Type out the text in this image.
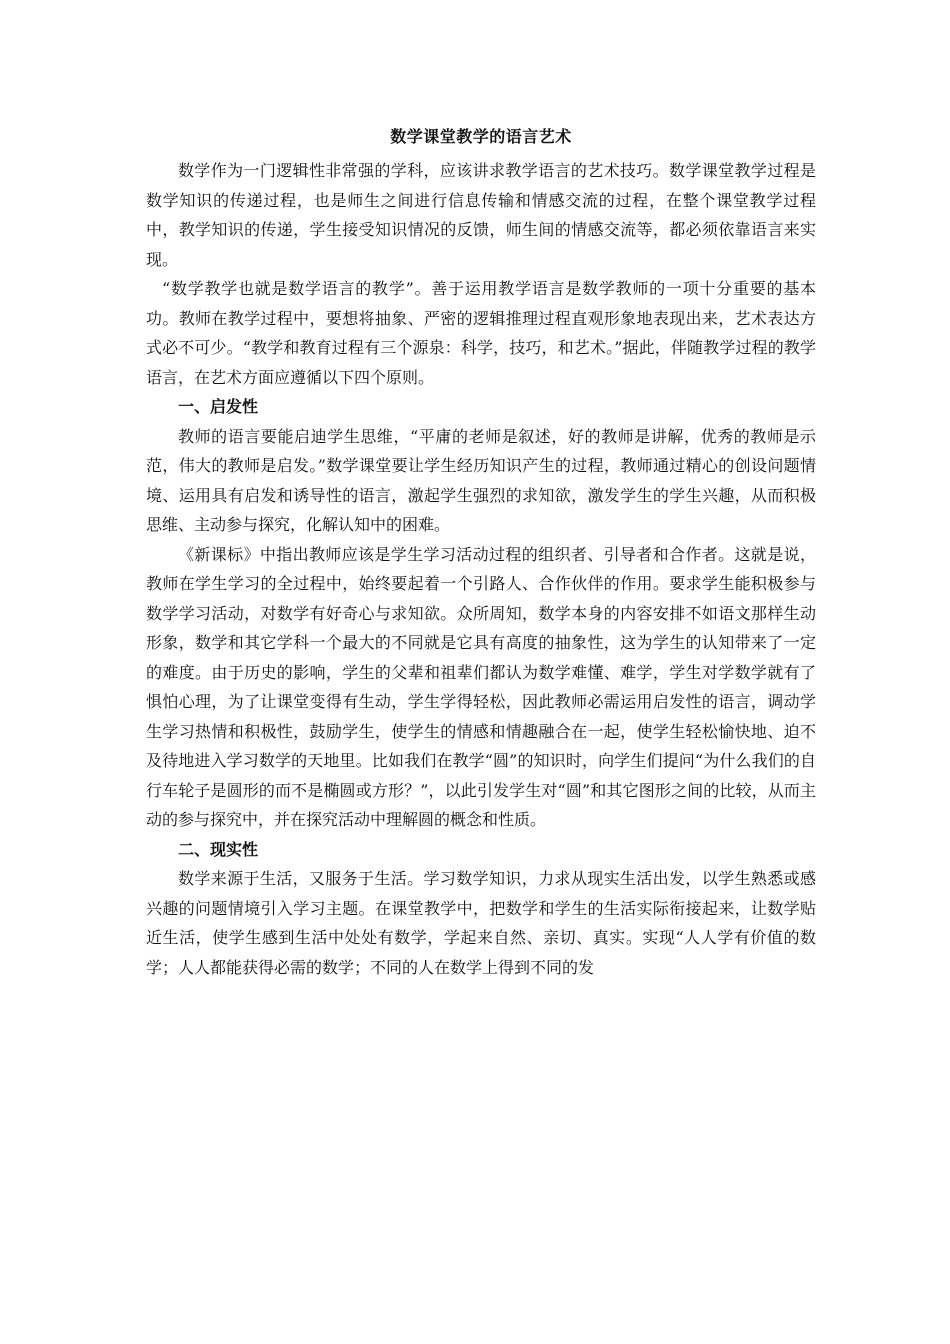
数学课堂教学的语言艺术

数学作为一门逻辑性非常强的学科，应该讲求教学语言的艺术技巧。数学课堂教学过程是数学知识的传递过程，也是师生之间进行信息传输和情感交流的过程，在整个课堂教学过程中，教学知识的传递，学生接受知识情况的反馈，师生间的情感交流等，都必须依靠语言来实现。

“数学教学也就是数学语言的教学”。善于运用教学语言是数学教师的一项十分重要的基本功。教师在教学过程中，要想将抽象、严密的逻辑推理过程直观形象地表现出来，艺术表达方式必不可少。“教学和教育过程有三个源泉：科学，技巧，和艺术。”据此，伴随教学过程的教学语言，在艺术方面应遵循以下四个原则。

一、启发性

教师的语言要能启迪学生思维，“平庸的老师是叙述，好的教师是讲解，优秀的教师是示范，伟大的教师是启发。”数学课堂要让学生经历知识产生的过程，教师通过精心的创设问题情境、运用具有启发和诱导性的语言，激起学生强烈的求知欲，激发学生的学生兴趣，从而积极思维、主动参与探究，化解认知中的困难。

《新课标》中指出教师应该是学生学习活动过程的组织者、引导者和合作者。这就是说，教师在学生学习的全过程中，始终要起着一个引路人、合作伙伴的作用。要求学生能积极参与数学学习活动，对数学有好奇心与求知欲。众所周知，数学本身的内容安排不如语文那样生动形象，数学和其它学科一个最大的不同就是它具有高度的抽象性，这为学生的认知带来了一定的难度。由于历史的影响，学生的父辈和祖辈们都认为数学难懂、难学，学生对学数学就有了惧怕心理，为了让课堂变得有生动，学生学得轻松，因此教师必需运用启发性的语言，调动学生学习热情和积极性，鼓励学生，使学生的情感和情趣融合在一起，使学生轻松愉快地、迫不及待地进入学习数学的天地里。比如我们在教学“圆”的知识时，向学生们提问“为什么我们的自行车轮子是圆形的而不是椭圆或方形？”，以此引发学生对“圆”和其它图形之间的比较，从而主动的参与探究中，并在探究活动中理解圆的概念和性质。

二、现实性

数学来源于生活，又服务于生活。学习数学知识，力求从现实生活出发，以学生熟悉或感兴趣的问题情境引入学习主题。在课堂教学中，把数学和学生的生活实际衔接起来，让数学贴近生活，使学生感到生活中处处有数学，学起来自然、亲切、真实。实现“人人学有价值的数学；人人都能获得必需的数学；不同的人在数学上得到不同的发
